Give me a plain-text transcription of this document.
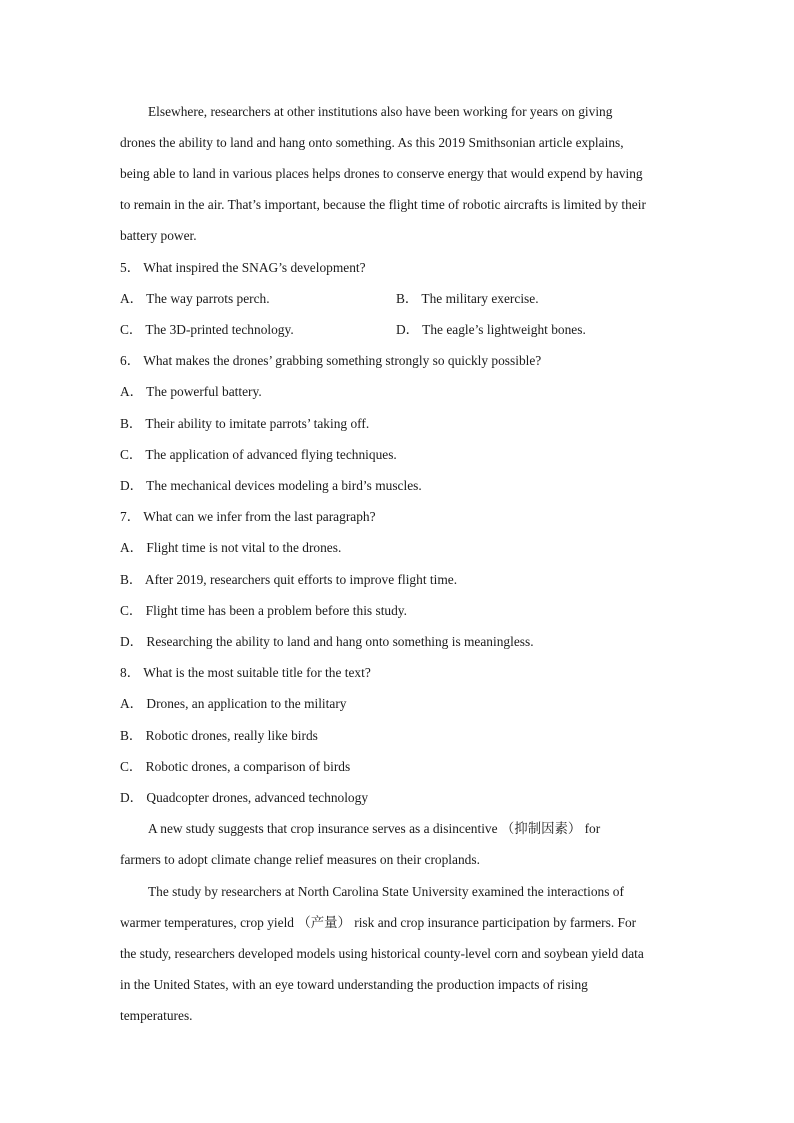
Elsewhere, researchers at other institutions also have been working for years on giving
drones the ability to land and hang onto something. As this 2019 Smithsonian article explains,
being able to land in various places helps drones to conserve energy that would expend by having
to remain in the air. That’s important, because the flight time of robotic aircrafts is limited by their
battery power.
5． What inspired the SNAG’s development?
A． The way parrots perch.	B． The military exercise.
C． The 3D-printed technology.	D． The eagle’s lightweight bones.
6． What makes the drones’ grabbing something strongly so quickly possible?
A． The powerful battery.
B． Their ability to imitate parrots’ taking off.
C． The application of advanced flying techniques.
D． The mechanical devices modeling a bird’s muscles.
7． What can we infer from the last paragraph?
A． Flight time is not vital to the drones.
B． After 2019, researchers quit efforts to improve flight time.
C． Flight time has been a problem before this study.
D． Researching the ability to land and hang onto something is meaningless.
8． What is the most suitable title for the text?
A． Drones, an application to the military
B． Robotic drones, really like birds
C． Robotic drones, a comparison of birds
D． Quadcopter drones, advanced technology
A new study suggests that crop insurance serves as a disincentive （抑制因素） for
farmers to adopt climate change relief measures on their croplands.
The study by researchers at North Carolina State University examined the interactions of
warmer temperatures, crop yield （产量） risk and crop insurance participation by farmers. For
the study, researchers developed models using historical county-level corn and soybean yield data
in the United States, with an eye toward understanding the production impacts of rising
temperatures.
